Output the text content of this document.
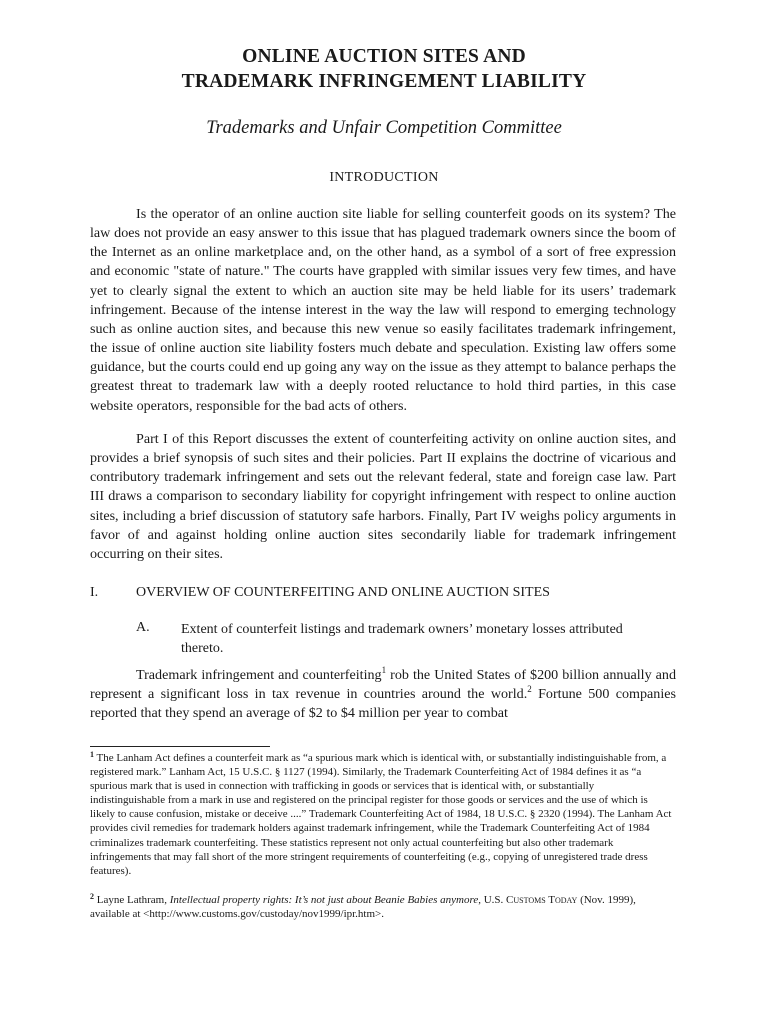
ONLINE AUCTION SITES AND
TRADEMARK INFRINGEMENT LIABILITY
Trademarks and Unfair Competition Committee
INTRODUCTION
Is the operator of an online auction site liable for selling counterfeit goods on its system? The law does not provide an easy answer to this issue that has plagued trademark owners since the boom of the Internet as an online marketplace and, on the other hand, as a symbol of a sort of free expression and economic "state of nature." The courts have grappled with similar issues very few times, and have yet to clearly signal the extent to which an auction site may be held liable for its users’ trademark infringement. Because of the intense interest in the way the law will respond to emerging technology such as online auction sites, and because this new venue so easily facilitates trademark infringement, the issue of online auction site liability fosters much debate and speculation. Existing law offers some guidance, but the courts could end up going any way on the issue as they attempt to balance perhaps the greatest threat to trademark law with a deeply rooted reluctance to hold third parties, in this case website operators, responsible for the bad acts of others.
Part I of this Report discusses the extent of counterfeiting activity on online auction sites, and provides a brief synopsis of such sites and their policies. Part II explains the doctrine of vicarious and contributory trademark infringement and sets out the relevant federal, state and foreign case law. Part III draws a comparison to secondary liability for copyright infringement with respect to online auction sites, including a brief discussion of statutory safe harbors. Finally, Part IV weighs policy arguments in favor of and against holding online auction sites secondarily liable for trademark infringement occurring on their sites.
I.	OVERVIEW OF COUNTERFEITING AND ONLINE AUCTION SITES
A. Extent of counterfeit listings and trademark owners’ monetary losses attributed thereto.
Trademark infringement and counterfeiting$^1$ rob the United States of $200 billion annually and represent a significant loss in tax revenue in countries around the world.$^2$ Fortune 500 companies reported that they spend an average of $2 to $4 million per year to combat
$^1$ The Lanham Act defines a counterfeit mark as “a spurious mark which is identical with, or substantially indistinguishable from, a registered mark.” Lanham Act, 15 U.S.C. § 1127 (1994). Similarly, the Trademark Counterfeiting Act of 1984 defines it as “a spurious mark that is used in connection with trafficking in goods or services that is identical with, or substantially indistinguishable from a mark in use and registered on the principal register for those goods or services and the use of which is likely to cause confusion, mistake or deceive ....” Trademark Counterfeiting Act of 1984, 18 U.S.C. § 2320 (1994). The Lanham Act provides civil remedies for trademark holders against trademark infringement, while the Trademark Counterfeiting Act of 1984 criminalizes trademark counterfeiting. These statistics represent not only actual counterfeiting but also other trademark infringements that may fall short of the more stringent requirements of counterfeiting (e.g., copying of unregistered trade dress features).
$^2$ Layne Lathram, Intellectual property rights: It’s not just about Beanie Babies anymore, U.S. Customs Today (Nov. 1999), available at <http://www.customs.gov/custoday/nov1999/ipr.htm>.
